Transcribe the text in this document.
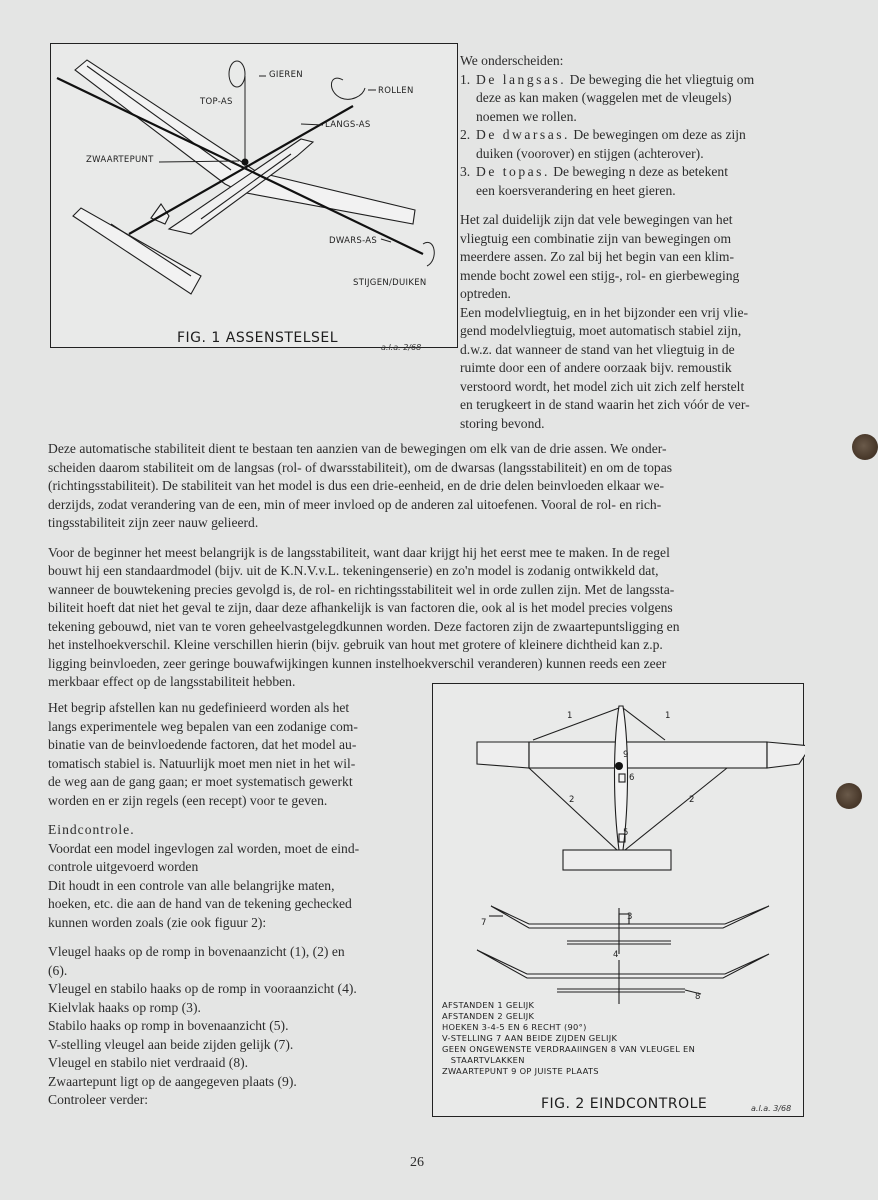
GIEREN
ROLLEN
TOP-AS
LANGS-AS
ZWAARTEPUNT
DWARS-AS
STIJGEN/DUIKEN
FIG. 1 ASSENSTELSEL
a.l.a. 2/68

We onderscheiden:

1. De langsas. De beweging die het vliegtuig om

deze as kan maken (waggelen met de vleugels)

noemen we rollen.

2. De dwarsas. De bewegingen om deze as zijn

duiken (voorover) en stijgen (achterover).

3. De topas. De beweging n deze as betekent

een koersverandering en heet gieren.

Het zal duidelijk zijn dat vele bewegingen van het

vliegtuig een combinatie zijn van bewegingen om

meerdere assen. Zo zal bij het begin van een klim-

mende bocht zowel een stijg-, rol- en gierbeweging

optreden.

Een modelvliegtuig, en in het bijzonder een vrij vlie-

gend modelvliegtuig, moet automatisch stabiel zijn,

d.w.z. dat wanneer de stand van het vliegtuig in de

ruimte door een of andere oorzaak bijv. remoustik

verstoord wordt, het model zich uit zich zelf herstelt

en terugkeert in de stand waarin het zich vóór de ver-

storing bevond.

Deze automatische stabiliteit dient te bestaan ten aanzien van de bewegingen om elk van de drie assen. We onder-

scheiden daarom stabiliteit om de langsas (rol- of dwarsstabiliteit), om de dwarsas (langsstabiliteit) en om de topas

(richtingsstabiliteit). De stabiliteit van het model is dus een drie-eenheid, en de drie delen beinvloeden elkaar we-

derzijds, zodat verandering van de een, min of meer invloed op de anderen zal uitoefenen. Vooral de rol- en rich-

tingsstabiliteit zijn zeer nauw gelieerd.

Voor de beginner het meest belangrijk is de langsstabiliteit, want daar krijgt hij het eerst mee te maken. In de regel

bouwt hij een standaardmodel (bijv. uit de K.N.V.v.L. tekeningenserie) en zo'n model is zodanig ontwikkeld dat,

wanneer de bouwtekening precies gevolgd is, de rol- en richtingsstabiliteit wel in orde zullen zijn. Met de langssta-

biliteit hoeft dat niet het geval te zijn, daar deze afhankelijk is van factoren die, ook al is het model precies volgens

tekening gebouwd, niet van te voren geheelvastgelegdkunnen worden. Deze factoren zijn de zwaartepuntsligging en

het instelhoekverschil. Kleine verschillen hierin (bijv. gebruik van hout met grotere of kleinere dichtheid kan z.p.

ligging beinvloeden, zeer geringe bouwafwijkingen kunnen instelhoekverschil veranderen) kunnen reeds een zeer

merkbaar effect op de langsstabiliteit hebben.

Het begrip afstellen kan nu gedefinieerd worden als het

langs experimentele weg bepalen van een zodanige com-

binatie van de beinvloedende factoren, dat het model au-

tomatisch stabiel is. Natuurlijk moet men niet in het wil-

de weg aan de gang gaan; er moet systematisch gewerkt

worden en er zijn regels (een recept) voor te geven.

Eindcontrole.

Voordat een model ingevlogen zal worden, moet de eind-

controle uitgevoerd worden

Dit houdt in een controle van alle belangrijke maten,

hoeken, etc. die aan de hand van de tekening gechecked

kunnen worden zoals (zie ook figuur 2):

Vleugel haaks op de romp in bovenaanzicht (1), (2) en

(6).

Vleugel en stabilo haaks op de romp in vooraanzicht (4).

Kielvlak haaks op romp (3).

Stabilo haaks op romp in bovenaanzicht (5).

V-stelling vleugel aan beide zijden gelijk (7).

Vleugel en stabilo niet verdraaid (8).

Zwaartepunt ligt op de aangegeven plaats (9).

Controleer verder:

1	1
9
6
2	2
5
7
3
4
8
AFSTANDEN 1 GELIJK
AFSTANDEN 2 GELIJK
HOEKEN 3-4-5 EN 6 RECHT (90°)
V-STELLING 7 AAN BEIDE ZIJDEN GELIJK
GEEN ONGEWENSTE VERDRAAIINGEN 8 VAN VLEUGEL EN
STAARTVLAKKEN
ZWAARTEPUNT 9 OP JUISTE PLAATS
FIG. 2 EINDCONTROLE	a.l.a. 3/68
26
